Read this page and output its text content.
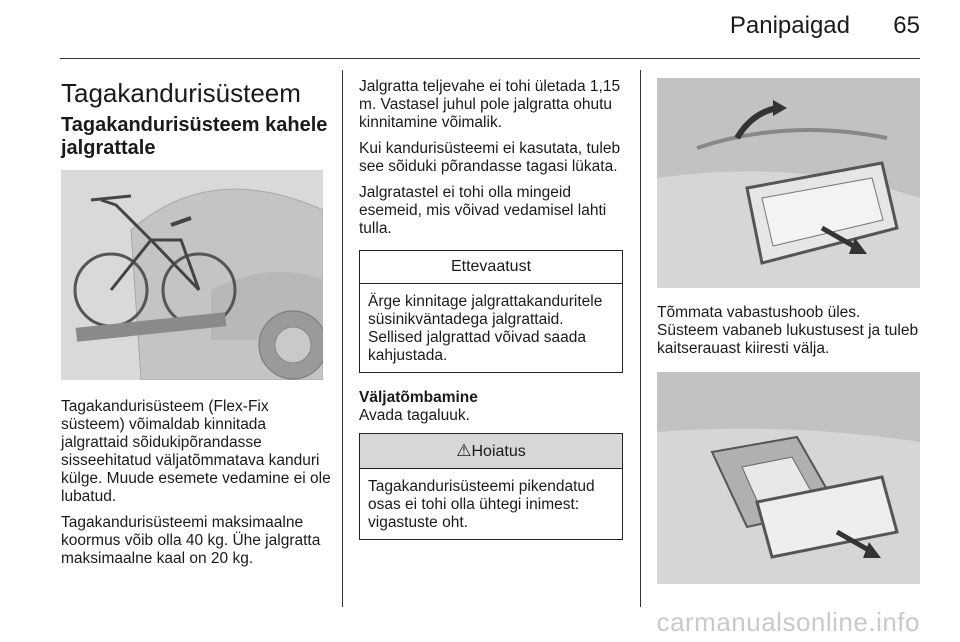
Panipaigad	65
Tagakandurisüsteem
Tagakandurisüsteem kahele jalgrattale

Tagakandurisüsteem (Flex-Fix süsteem) võimaldab kinnitada jalgrattaid sõidukipõrandasse sisseehitatud väljatõmmatava kanduri külge. Muude esemete vedamine ei ole lubatud.

Tagakandurisüsteemi maksimaalne koormus võib olla 40 kg. Ühe jalgratta maksimaalne kaal on 20 kg.

Jalgratta teljevahe ei tohi ületada 1,15 m. Vastasel juhul pole jalgratta ohutu kinnitamine võimalik.

Kui kandurisüsteemi ei kasutata, tuleb see sõiduki põrandasse tagasi lükata.

Jalgratastel ei tohi olla mingeid esemeid, mis võivad vedamisel lahti tulla.

Ettevaatust
Ärge kinnitage jalgrattakanduritele süsinikväntadega jalgrattaid. Sellised jalgrattad võivad saada kahjustada.

Väljatõmbamine

Avada tagaluuk.

⚠Hoiatus
Tagakandurisüsteemi pikendatud osas ei tohi olla ühtegi inimest: vigastuste oht.

Tõmmata vabastushoob üles. Süsteem vabaneb lukustusest ja tuleb kaitserauast kiiresti välja.

carmanualsonline.info
